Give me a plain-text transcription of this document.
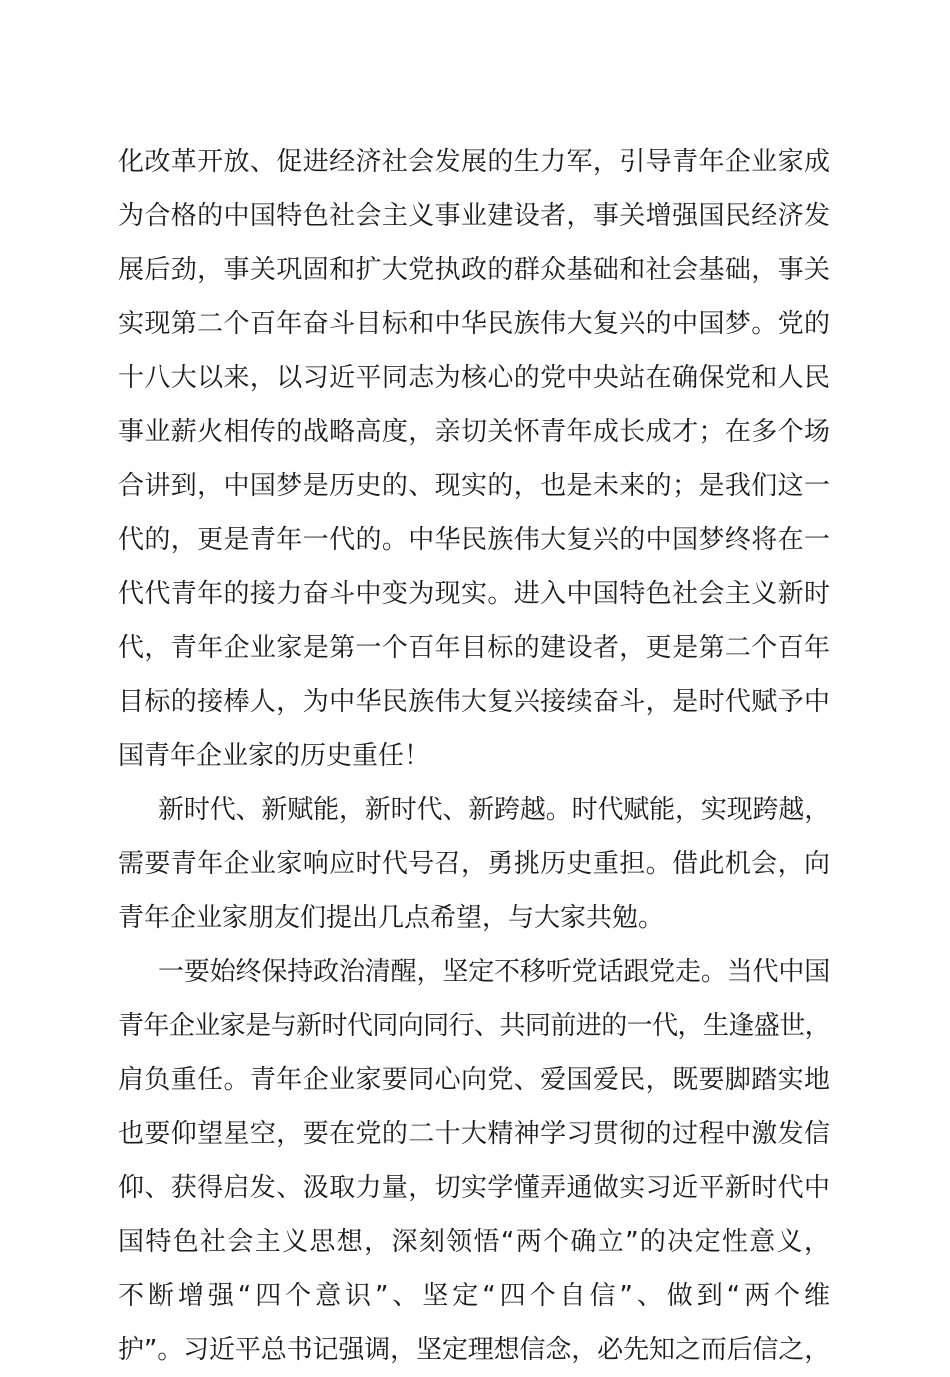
化改革开放、促进经济社会发展的生力军，引导青年企业家成
为合格的中国特色社会主义事业建设者，事关增强国民经济发
展后劲，事关巩固和扩大党执政的群众基础和社会基础，事关
实现第二个百年奋斗目标和中华民族伟大复兴的中国梦。党的
十八大以来，以习近平同志为核心的党中央站在确保党和人民
事业薪火相传的战略高度，亲切关怀青年成长成才；在多个场
合讲到，中国梦是历史的、现实的，也是未来的；是我们这一
代的，更是青年一代的。中华民族伟大复兴的中国梦终将在一
代代青年的接力奋斗中变为现实。进入中国特色社会主义新时
代，青年企业家是第一个百年目标的建设者，更是第二个百年
目标的接棒人，为中华民族伟大复兴接续奋斗，是时代赋予中
国青年企业家的历史重任！
新时代、新赋能，新时代、新跨越。时代赋能，实现跨越，
需要青年企业家响应时代号召，勇挑历史重担。借此机会，向
青年企业家朋友们提出几点希望，与大家共勉。
一要始终保持政治清醒，坚定不移听党话跟党走。当代中国
青年企业家是与新时代同向同行、共同前进的一代，生逢盛世，
肩负重任。青年企业家要同心向党、爱国爱民，既要脚踏实地
也要仰望星空，要在党的二十大精神学习贯彻的过程中激发信
仰、获得启发、汲取力量，切实学懂弄通做实习近平新时代中
国特色社会主义思想，深刻领悟“两个确立”的决定性意义，
不断增强“四个意识”、坚定“四个自信”、做到“两个维
护”。习近平总书记强调，坚定理想信念，必先知之而后信之，
